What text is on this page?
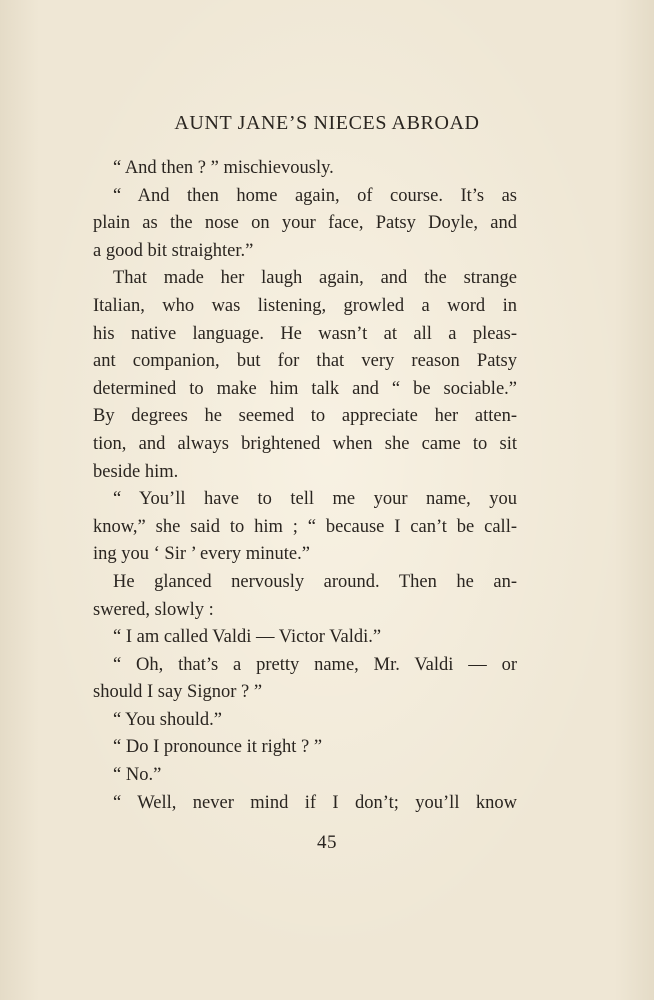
AUNT JANE’S NIECES ABROAD
“ And then ? ” mischievously.
“ And then home again, of course. It’s as
plain as the nose on your face, Patsy Doyle, and
a good bit straighter.”
That made her laugh again, and the strange
Italian, who was listening, growled a word in
his native language. He wasn’t at all a pleas-
ant companion, but for that very reason Patsy
determined to make him talk and “ be sociable.”
By degrees he seemed to appreciate her atten-
tion, and always brightened when she came to sit
beside him.
“ You’ll have to tell me your name, you
know,” she said to him ; “ because I can’t be call-
ing you ‘ Sir ’ every minute.”
He glanced nervously around. Then he an-
swered, slowly :
“ I am called Valdi — Victor Valdi.”
“ Oh, that’s a pretty name, Mr. Valdi — or
should I say Signor ? ”
“ You should.”
“ Do I pronounce it right ? ”
“ No.”
“ Well, never mind if I don’t; you’ll know
45
